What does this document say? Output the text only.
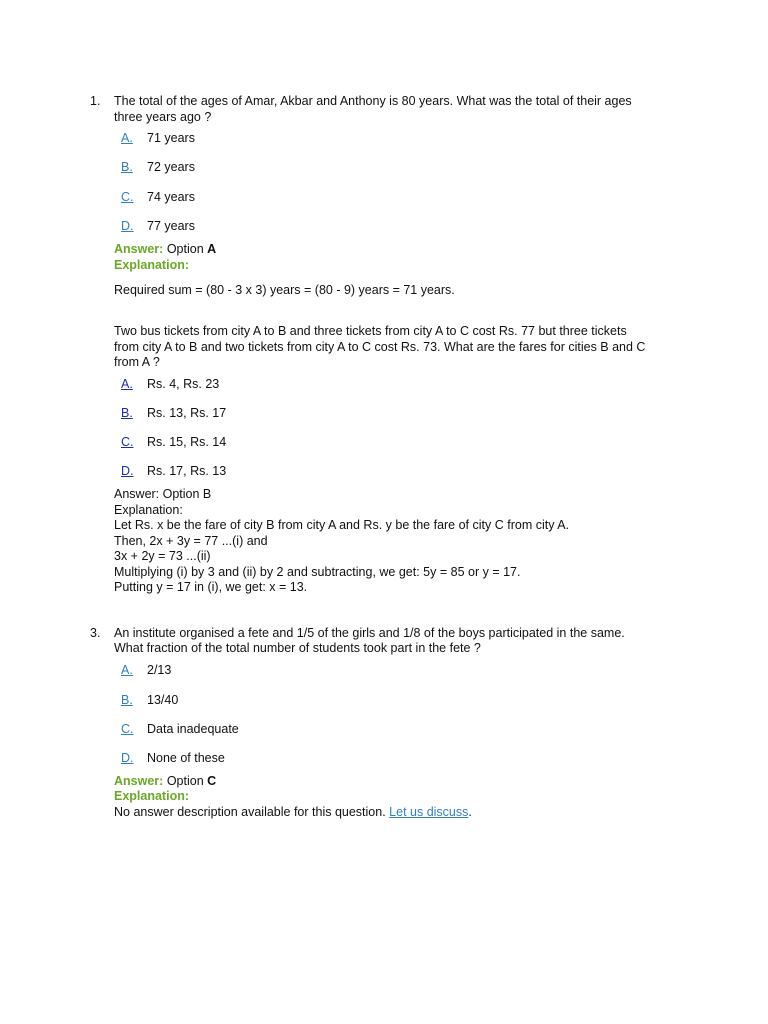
1. The total of the ages of Amar, Akbar and Anthony is 80 years. What was the total of their ages
three years ago ?
A. 71 years
B. 72 years
C. 74 years
D. 77 years
Answer: Option A
Explanation:
Required sum = (80 - 3 x 3) years = (80 - 9) years = 71 years.
Two bus tickets from city A to B and three tickets from city A to C cost Rs. 77 but three tickets
from city A to B and two tickets from city A to C cost Rs. 73. What are the fares for cities B and C
from A ?
A. Rs. 4, Rs. 23
B. Rs. 13, Rs. 17
C. Rs. 15, Rs. 14
D. Rs. 17, Rs. 13
Answer: Option B
Explanation:
Let Rs. x be the fare of city B from city A and Rs. y be the fare of city C from city A.
Then, 2x + 3y = 77 ...(i) and
3x + 2y = 73 ...(ii)
Multiplying (i) by 3 and (ii) by 2 and subtracting, we get: 5y = 85 or y = 17.
Putting y = 17 in (i), we get: x = 13.
3. An institute organised a fete and 1/5 of the girls and 1/8 of the boys participated in the same.
What fraction of the total number of students took part in the fete ?
A. 2/13
B. 13/40
C. Data inadequate
D. None of these
Answer: Option C
Explanation:
No answer description available for this question. Let us discuss.
